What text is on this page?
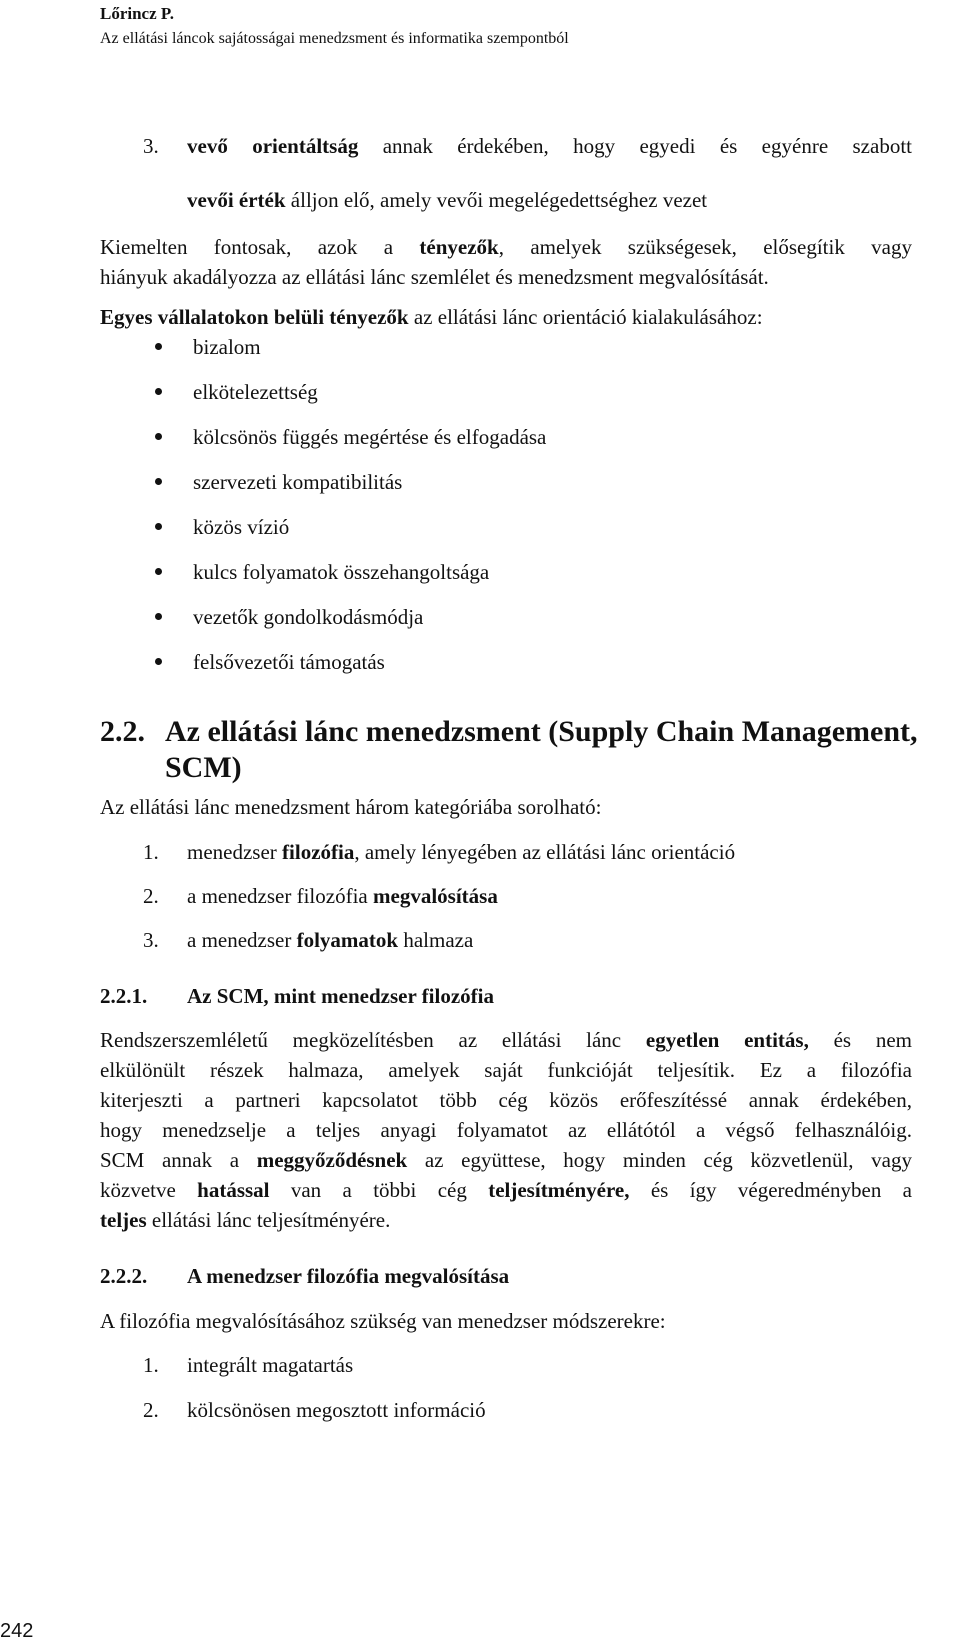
Lőrincz P.
Az ellátási láncok sajátosságai menedzsment és informatika szempontból
3. vevő orientáltság annak érdekében, hogy egyedi és egyénre szabott
vevői érték álljon elő, amely vevői megelégedettséghez vezet
Kiemelten fontosak, azok a tényezők, amelyek szükségesek, elősegítik vagy
hiányuk akadályozza az ellátási lánc szemlélet és menedzsment megvalósítását.
Egyes vállalatokon belüli tényezők az ellátási lánc orientáció kialakulásához:
bizalom
elkötelezettség
kölcsönös függés megértése és elfogadása
szervezeti kompatibilitás
közös vízió
kulcs folyamatok összehangoltsága
vezetők gondolkodásmódja
felsővezetői támogatás
2.2. Az ellátási lánc menedzsment (Supply Chain Management,
SCM)
Az ellátási lánc menedzsment három kategóriába sorolható:
1. menedzser filozófia, amely lényegében az ellátási lánc orientáció
2. a menedzser filozófia megvalósítása
3. a menedzser folyamatok halmaza
2.2.1. Az SCM, mint menedzser filozófia
Rendszerszemléletű megközelítésben az ellátási lánc egyetlen entitás, és nem
elkülönült részek halmaza, amelyek saját funkcióját teljesítik. Ez a filozófia
kiterjeszti a partneri kapcsolatot több cég közös erőfeszítéssé annak érdekében,
hogy menedzselje a teljes anyagi folyamatot az ellátótól a végső felhasználóig.
SCM annak a meggyőződésnek az együttese, hogy minden cég közvetlenül, vagy
közvetve hatással van a többi cég teljesítményére, és így végeredményben a
teljes ellátási lánc teljesítményére.
2.2.2. A menedzser filozófia megvalósítása
A filozófia megvalósításához szükség van menedzser módszerekre:
1. integrált magatartás
2. kölcsönösen megosztott információ
242
